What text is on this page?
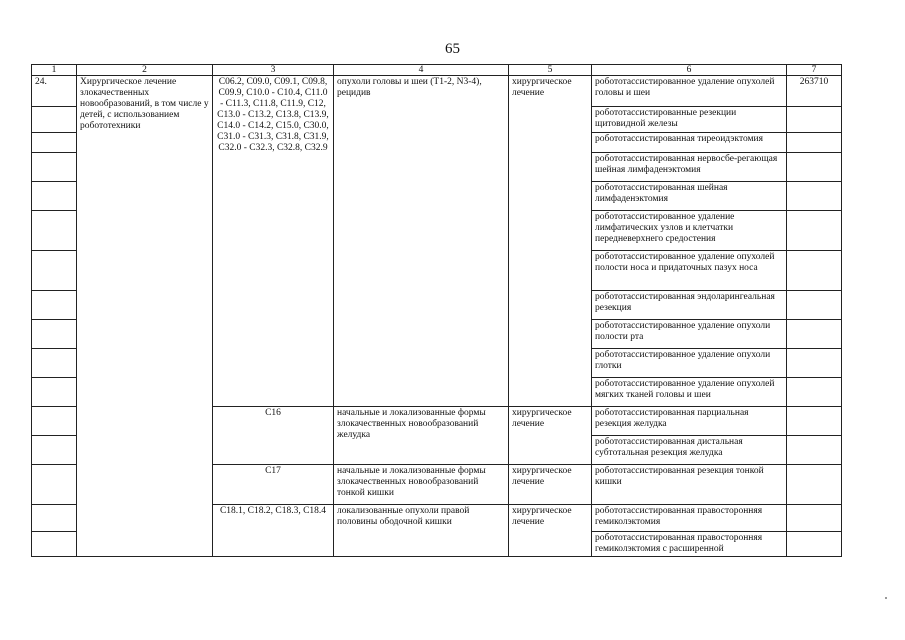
65
1	2	3	4	5	6	7
24.	Хирургическое лечение злокачественных новообразований, в том числе у детей, с использованием робототехники	C06.2, C09.0, C09.1, C09.8, C09.9, C10.0 - C10.4, C11.0 - C11.3, C11.8, C11.9, C12, C13.0 - C13.2, C13.8, C13.9, C14.0 - C14.2, C15.0, C30.0, C31.0 - C31.3, C31.8, C31.9, C32.0 - C32.3, C32.8, C32.9	опухоли головы и шеи (T1-2, N3-4), рецидив	хирургическое лечение	робототассистированное удаление опухолей головы и шеи	263710
					робототассистированные резекции щитовидной железы	
					робототассистированная тиреоидэктомия	
					робототассистированная нервосбе-регающая шейная лимфаденэктомия	
					робототассистированная шейная лимфаденэктомия	
					робототассистированное удаление лимфатических узлов и клетчатки передневерхнего средостения	
					робототассистированное удаление опухолей полости носа и придаточных пазух носа	
					робототассистированная эндоларингеальная резекция	
					робототассистированное удаление опухоли полости рта	
					робототассистированное удаление опухоли глотки	
					робототассистированное удаление опухолей мягких тканей головы и шеи	
		C16	начальные и локализованные формы злокачественных новообразований желудка	хирургическое лечение	робототассистированная парциальная резекция желудка	
					робототассистированная дистальная субтотальная резекция желудка	
		C17	начальные и локализованные формы злокачественных новообразований тонкой кишки	хирургическое лечение	робототассистированная резекция тонкой кишки	
		C18.1, C18.2, C18.3, C18.4	локализованные опухоли правой половины ободочной кишки	хирургическое лечение	робототассистированная правосторонняя гемиколэктомия	
					робототассистированная правосторонняя гемиколэктомия с расширенной	
